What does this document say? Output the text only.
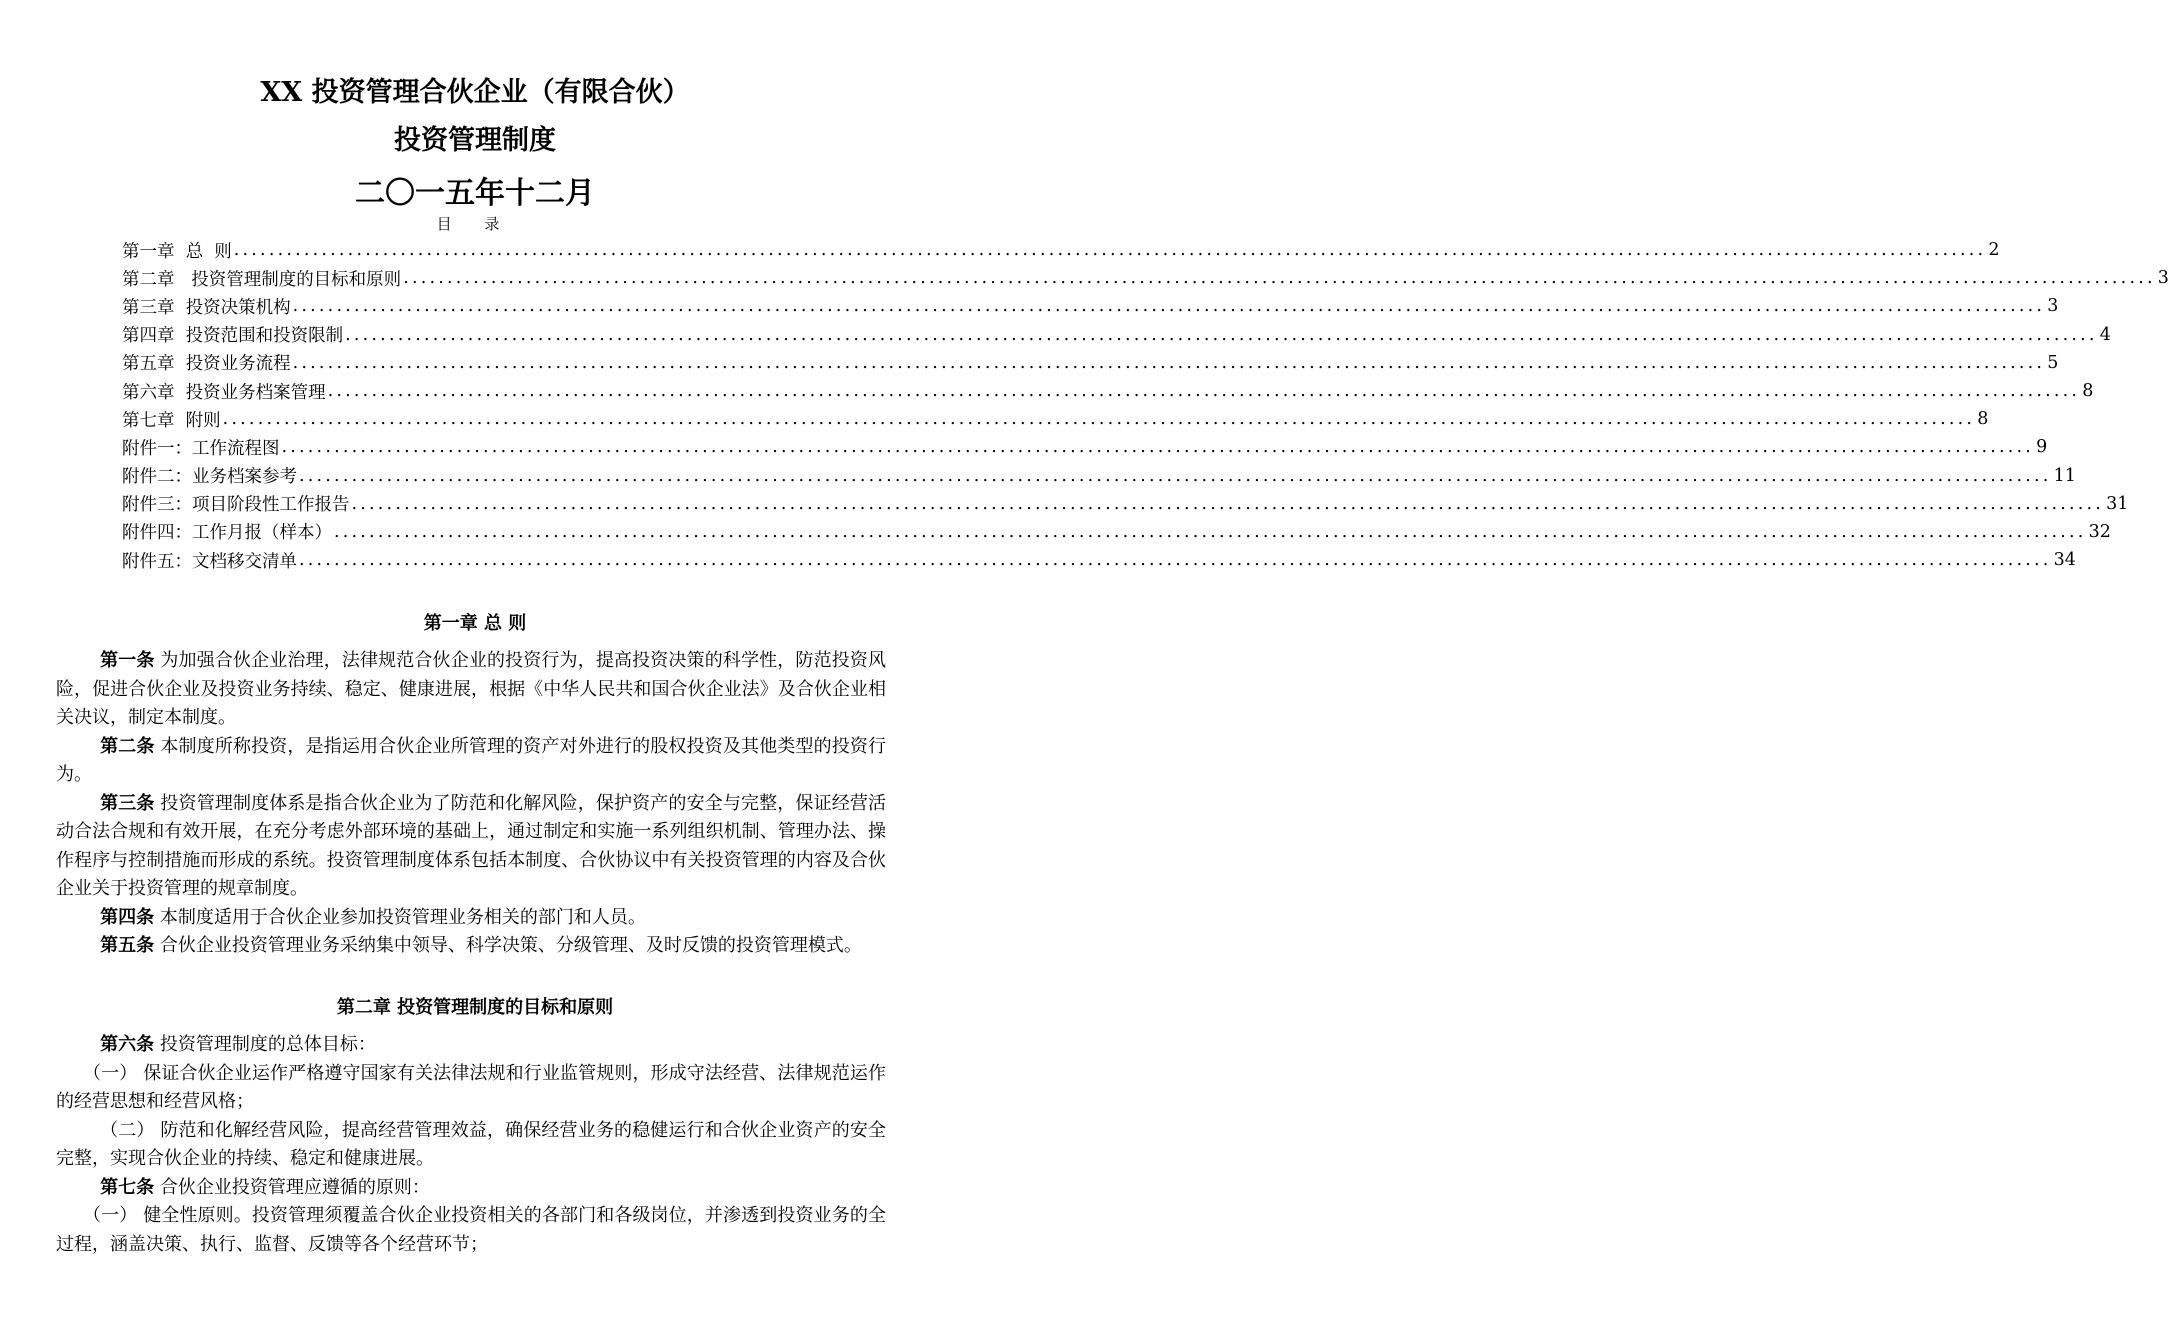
XX 投资管理合伙企业（有限合伙）
投资管理制度
二〇一五年十二月
目 录
第一章  总  则 ........................................................................................................................................................................................................ 2
第二章   投资管理制度的目标和原则 ........................................................................................................................................................................................................ 3
第三章  投资决策机构 ........................................................................................................................................................................................................ 3
第四章  投资范围和投资限制 ........................................................................................................................................................................................................ 4
第五章  投资业务流程 ........................................................................................................................................................................................................ 5
第六章  投资业务档案管理 ........................................................................................................................................................................................................ 8
第七章  附则 ........................................................................................................................................................................................................ 8
附件一：工作流程图 ........................................................................................................................................................................................................ 9
附件二：业务档案参考 ........................................................................................................................................................................................................ 11
附件三：项目阶段性工作报告 ........................................................................................................................................................................................................ 31
附件四：工作月报（样本） ........................................................................................................................................................................................................ 32
附件五：文档移交清单 ........................................................................................................................................................................................................ 34
第一章 总 则

第一条 为加强合伙企业治理，法律规范合伙企业的投资行为，提高投资决策的科学性，防范投资风险，促进合伙企业及投资业务持续、稳定、健康进展，根据《中华人民共和国合伙企业法》及合伙企业相关决议，制定本制度。

第二条 本制度所称投资，是指运用合伙企业所管理的资产对外进行的股权投资及其他类型的投资行为。

第三条 投资管理制度体系是指合伙企业为了防范和化解风险，保护资产的安全与完整，保证经营活动合法合规和有效开展，在充分考虑外部环境的基础上，通过制定和实施一系列组织机制、管理办法、操作程序与控制措施而形成的系统。投资管理制度体系包括本制度、合伙协议中有关投资管理的内容及合伙企业关于投资管理的规章制度。

第四条 本制度适用于合伙企业参加投资管理业务相关的部门和人员。

第五条 合伙企业投资管理业务采纳集中领导、科学决策、分级管理、及时反馈的投资管理模式。

第二章 投资管理制度的目标和原则

第六条 投资管理制度的总体目标：

（一） 保证合伙企业运作严格遵守国家有关法律法规和行业监管规则，形成守法经营、法律规范运作的经营思想和经营风格；

（二） 防范和化解经营风险，提高经营管理效益，确保经营业务的稳健运行和合伙企业资产的安全完整，实现合伙企业的持续、稳定和健康进展。

第七条 合伙企业投资管理应遵循的原则：

（一） 健全性原则。投资管理须覆盖合伙企业投资相关的各部门和各级岗位，并渗透到投资业务的全过程，涵盖决策、执行、监督、反馈等各个经营环节；
